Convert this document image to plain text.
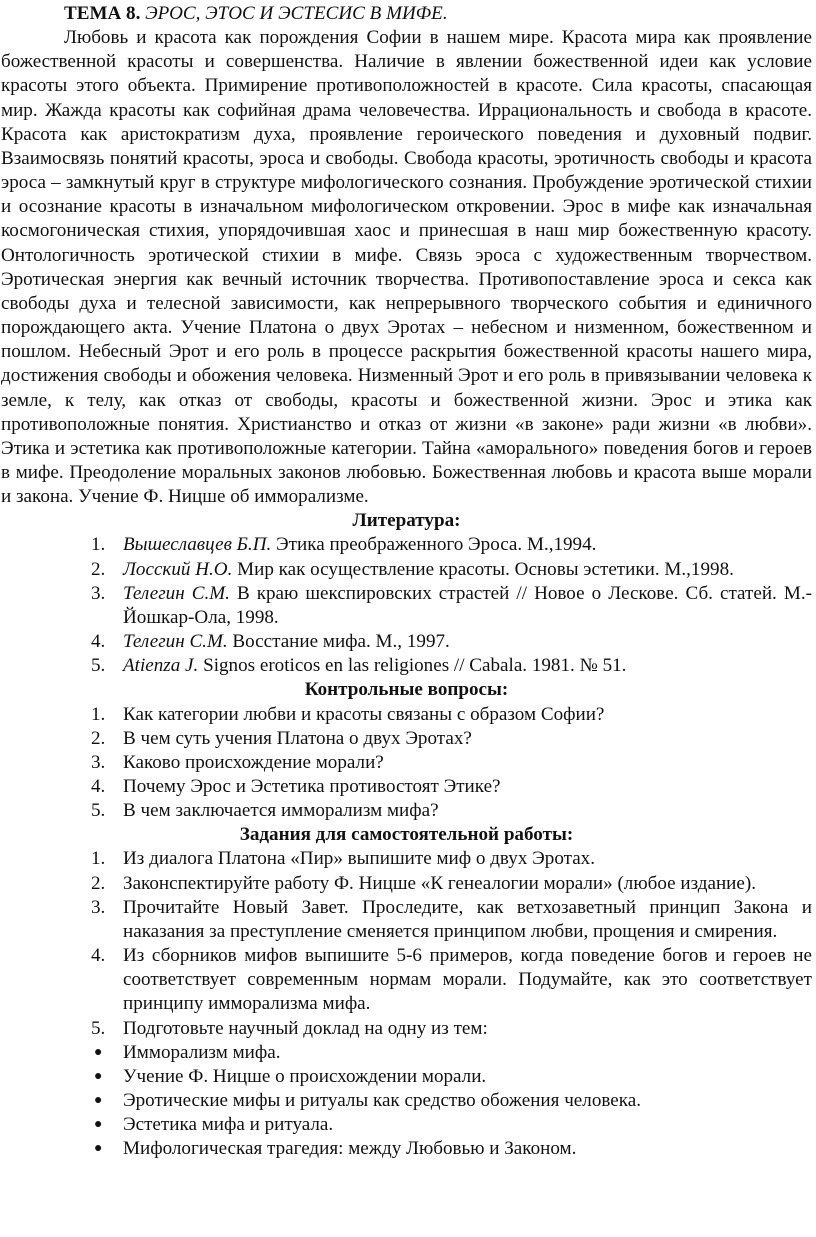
ТЕМА 8. ЭРОС, ЭТОС И ЭСТЕСИС В МИФЕ.

Любовь и красота как порождения Софии в нашем мире. Красота мира как проявление божественной красоты и совершенства. Наличие в явлении божественной идеи как условие красоты этого объекта. Примирение противоположностей в красоте. Сила красоты, спасающая мир. Жажда красоты как софийная драма человечества. Иррациональность и свобода в красоте. Красота как аристократизм духа, проявление героического поведения и духовный подвиг. Взаимосвязь понятий красоты, эроса и свободы. Свобода красоты, эротичность свободы и красота эроса – замкнутый круг в структуре мифологического сознания. Пробуждение эротической стихии и осознание красоты в изначальном мифологическом откровении. Эрос в мифе как изначальная космогоническая стихия, упорядочившая хаос и принесшая в наш мир божественную красоту. Онтологичность эротической стихии в мифе. Связь эроса с художественным творчеством. Эротическая энергия как вечный источник творчества. Противопоставление эроса и секса как свободы духа и телесной зависимости, как непрерывного творческого события и единичного порождающего акта. Учение Платона о двух Эротах – небесном и низменном, божественном и пошлом. Небесный Эрот и его роль в процессе раскрытия божественной красоты нашего мира, достижения свободы и обожения человека. Низменный Эрот и его роль в привязывании человека к земле, к телу, как отказ от свободы, красоты и божественной жизни. Эрос и этика как противоположные понятия. Христианство и отказ от жизни «в законе» ради жизни «в любви». Этика и эстетика как противоположные категории. Тайна «аморального» поведения богов и героев в мифе. Преодоление моральных законов любовью. Божественная любовь и красота выше морали и закона. Учение Ф. Ницше об имморализме.

Литература:
1. Вышеславцев Б.П. Этика преображенного Эроса. М.,1994.
2. Лосский Н.О. Мир как осуществление красоты. Основы эстетики. М.,1998.
3. Телегин С.М. В краю шекспировских страстей // Новое о Лескове. Сб. статей. М.-Йошкар-Ола, 1998.
4. Телегин С.М. Восстание мифа. М., 1997.
5. Atienza J. Signos eroticos en las religiones // Cabala. 1981. № 51.
Контрольные вопросы:
1. Как категории любви и красоты связаны с образом Софии?
2. В чем суть учения Платона о двух Эротах?
3. Каково происхождение морали?
4. Почему Эрос и Эстетика противостоят Этике?
5. В чем заключается имморализм мифа?
Задания для самостоятельной работы:
1. Из диалога Платона «Пир» выпишите миф о двух Эротах.
2. Законспектируйте работу Ф. Ницше «К генеалогии морали» (любое издание).
3. Прочитайте Новый Завет. Проследите, как ветхозаветный принцип Закона и наказания за преступление сменяется принципом любви, прощения и смирения.
4. Из сборников мифов выпишите 5-6 примеров, когда поведение богов и героев не соответствует современным нормам морали. Подумайте, как это соответствует принципу имморализма мифа.
5. Подготовьте научный доклад на одну из тем:
● Имморализм мифа.
● Учение Ф. Ницше о происхождении морали.
● Эротические мифы и ритуалы как средство обожения человека.
● Эстетика мифа и ритуала.
● Мифологическая трагедия: между Любовью и Законом.
